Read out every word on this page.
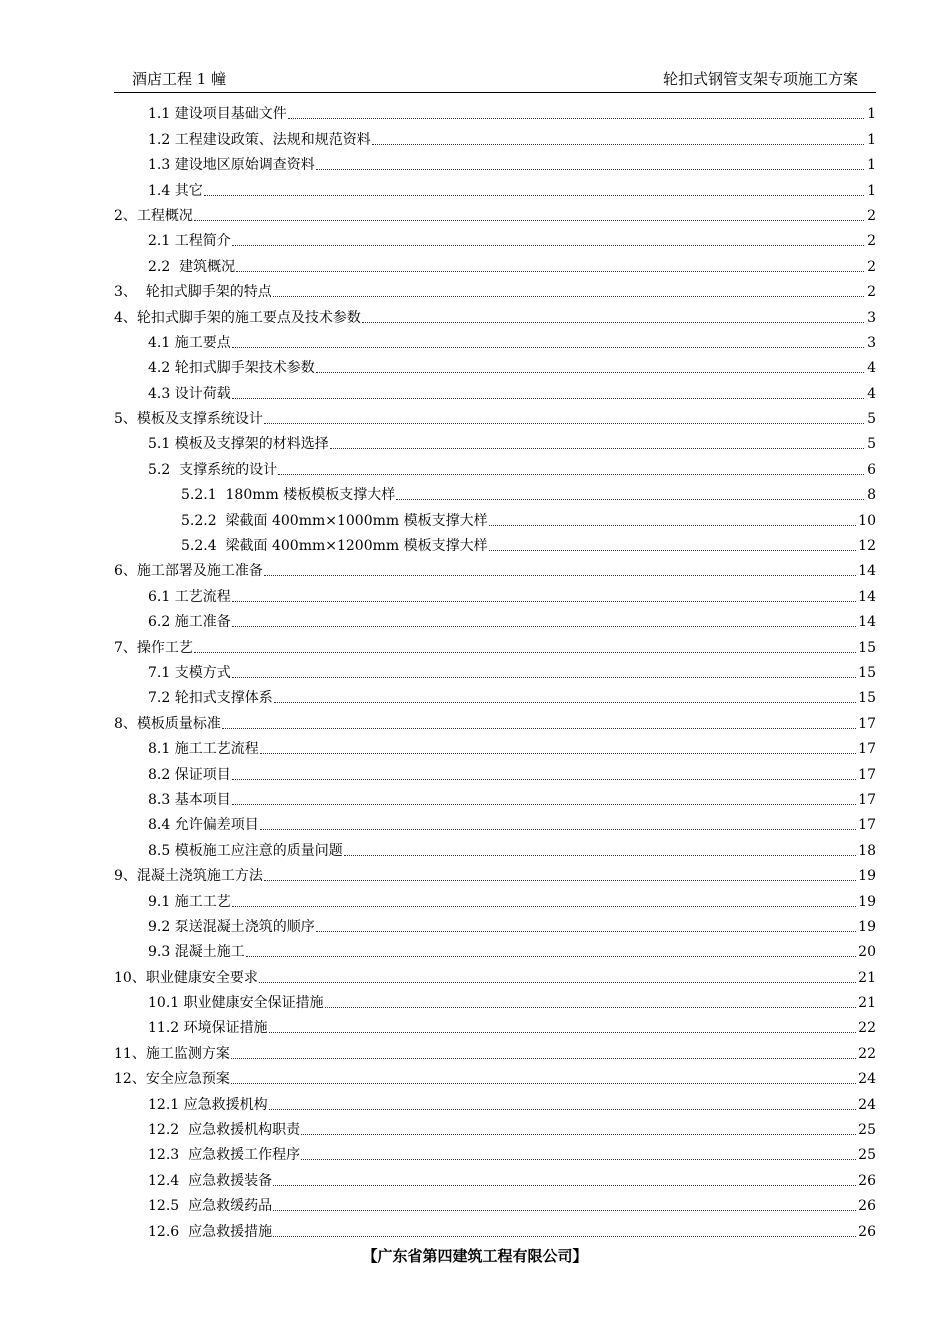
酒店工程 1 幢	轮扣式钢管支架专项施工方案
1.1 建设项目基础文件	1
1.2 工程建设政策、法规和规范资料	1
1.3 建设地区原始调查资料	1
1.4 其它	1
2、工程概况	2
2.1 工程简介	2
2.2  建筑概况	2
3、  轮扣式脚手架的特点	2
4、轮扣式脚手架的施工要点及技术参数	3
4.1 施工要点	3
4.2 轮扣式脚手架技术参数	4
4.3 设计荷载	4
5、模板及支撑系统设计	5
5.1 模板及支撑架的材料选择	5
5.2  支撑系统的设计	6
5.2.1  180mm 楼板模板支撑大样	8
5.2.2  梁截面 400mm×1000mm 模板支撑大样	10
5.2.4  梁截面 400mm×1200mm 模板支撑大样	12
6、施工部署及施工准备	14
6.1 工艺流程	14
6.2 施工准备	14
7、操作工艺	15
7.1 支模方式	15
7.2 轮扣式支撑体系	15
8、模板质量标准	17
8.1 施工工艺流程	17
8.2 保证项目	17
8.3 基本项目	17
8.4 允许偏差项目	17
8.5 模板施工应注意的质量问题	18
9、混凝土浇筑施工方法	19
9.1 施工工艺	19
9.2 泵送混凝土浇筑的顺序	19
9.3 混凝土施工	20
10、职业健康安全要求	21
10.1 职业健康安全保证措施	21
11.2 环境保证措施	22
11、施工监测方案	22
12、安全应急预案	24
12.1 应急救援机构	24
12.2  应急救援机构职责	25
12.3  应急救援工作程序	25
12.4  应急救援装备	26
12.5  应急救缓药品	26
12.6  应急救援措施	26
【广东省第四建筑工程有限公司】
